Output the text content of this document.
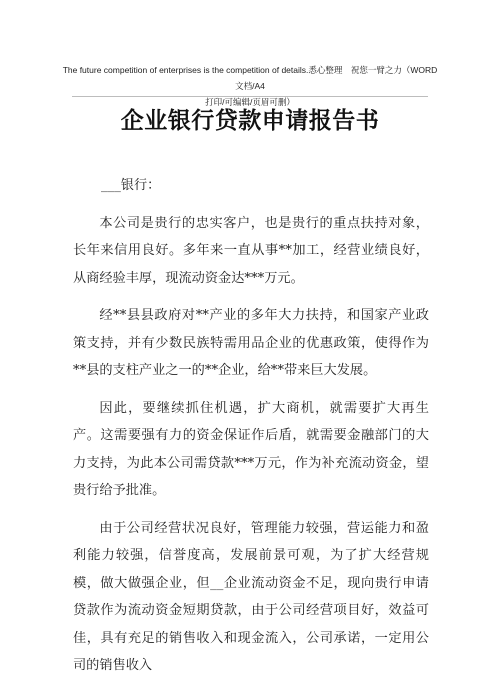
The future competition of enterprises is the competition of details.悉心整理　祝您一臂之力（WORD 文档/A4
打印/可编辑/页眉可删）
企业银行贷款申请报告书
___银行：

本公司是贵行的忠实客户，也是贵行的重点扶持对象，长年来信用良好。多年来一直从事**加工，经营业绩良好，从商经验丰厚，现流动资金达***万元。

经**县县政府对**产业的多年大力扶持，和国家产业政策支持，并有少数民族特需用品企业的优惠政策，使得作为**县的支柱产业之一的**企业，给**带来巨大发展。

因此，要继续抓住机遇，扩大商机，就需要扩大再生产。这需要强有力的资金保证作后盾，就需要金融部门的大力支持，为此本公司需贷款***万元，作为补充流动资金，望贵行给予批准。

由于公司经营状况良好，管理能力较强，营运能力和盈利能力较强，信誉度高，发展前景可观，为了扩大经营规模，做大做强企业，但__企业流动资金不足，现向贵行申请贷款作为流动资金短期贷款，由于公司经营项目好，效益可佳，具有充足的销售收入和现金流入，公司承诺，一定用公司的销售收入
